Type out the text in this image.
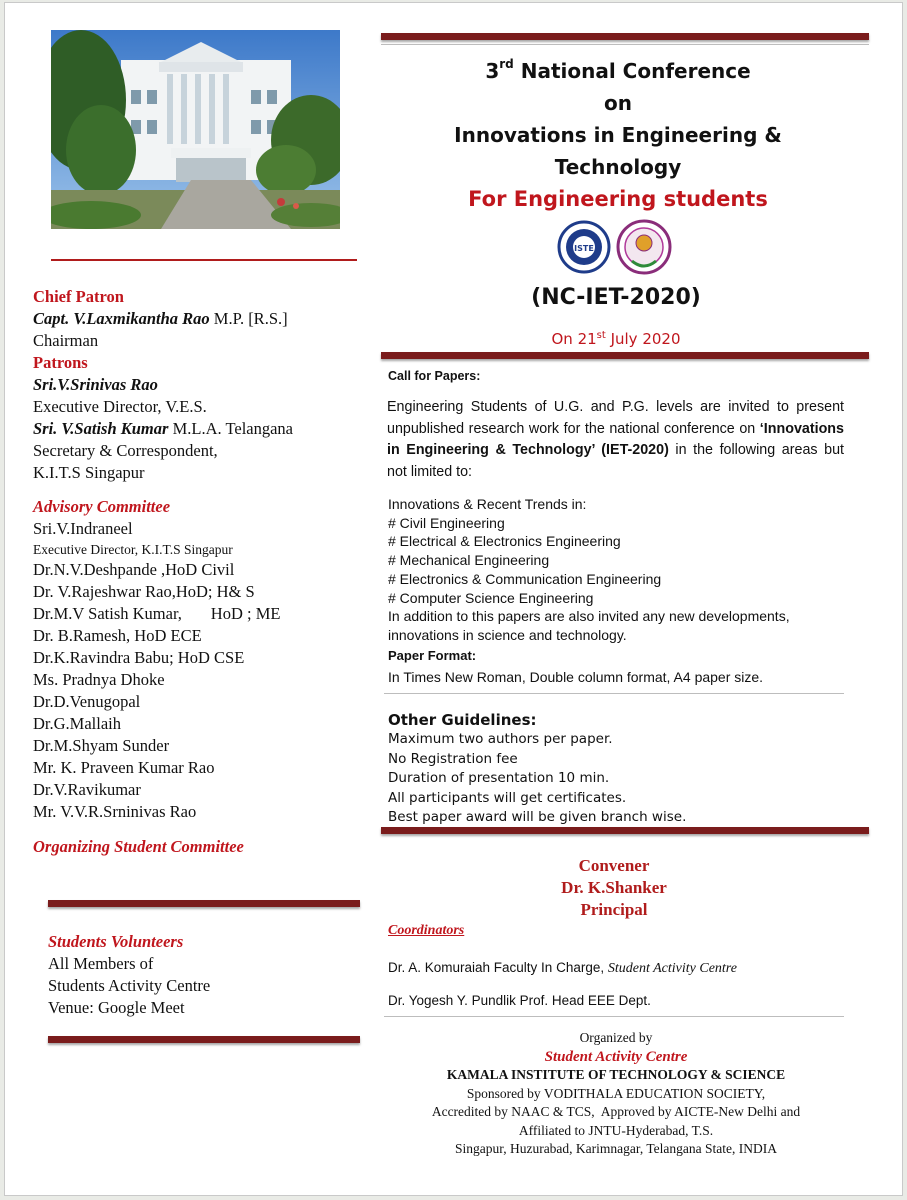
Chief Patron
Capt. V.Laxmikantha Rao M.P. [R.S.]
Chairman
Patrons
Sri.V.Srinivas Rao
Executive Director, V.E.S.
Sri. V.Satish Kumar M.L.A. Telangana
Secretary & Correspondent,
K.I.T.S Singapur
Advisory Committee
Sri.V.Indraneel
Executive Director, K.I.T.S Singapur
Dr.N.V.Deshpande ,HoD Civil
Dr. V.Rajeshwar Rao,HoD; H& S
Dr.M.V Satish Kumar,       HoD ; ME
Dr. B.Ramesh, HoD ECE
Dr.K.Ravindra Babu; HoD CSE
Ms. Pradnya Dhoke
Dr.D.Venugopal
Dr.G.Mallaih
Dr.M.Shyam Sunder
Mr. K. Praveen Kumar Rao
Dr.V.Ravikumar
Mr. V.V.R.Srninivas Rao
Organizing Student Committee
Students Volunteers
All Members of
Students Activity Centre
Venue: Google Meet
3rd National Conference
on
Innovations in Engineering &
Technology
For Engineering students
ISTE
(NC-IET-2020)
On 21st July 2020
Call for Papers:
Engineering Students of U.G. and P.G. levels are invited to present unpublished research work for the national conference on ‘Innovations in Engineering & Technology’ (IET-2020) in the following areas but not limited to:
Innovations & Recent Trends in:
# Civil Engineering
# Electrical & Electronics Engineering
# Mechanical Engineering
# Electronics & Communication Engineering
# Computer Science Engineering
In addition to this papers are also invited any new developments,
innovations in science and technology.
Paper Format:
In Times New Roman, Double column format, A4 paper size.
Other Guidelines:
Maximum two authors per paper.
No Registration fee
Duration of presentation 10 min.
All participants will get certificates.
Best paper award will be given branch wise.
Convener
Dr. K.Shanker
Principal
Coordinators
Dr. A. Komuraiah Faculty In Charge, Student Activity Centre
Dr. Yogesh Y. Pundlik Prof. Head EEE Dept.
Organized by
Student Activity Centre
KAMALA INSTITUTE OF TECHNOLOGY & SCIENCE
Sponsored by VODITHALA EDUCATION SOCIETY,
Accredited by NAAC & TCS,  Approved by AICTE-New Delhi and
Affiliated to JNTU-Hyderabad, T.S.
Singapur, Huzurabad, Karimnagar, Telangana State, INDIA
